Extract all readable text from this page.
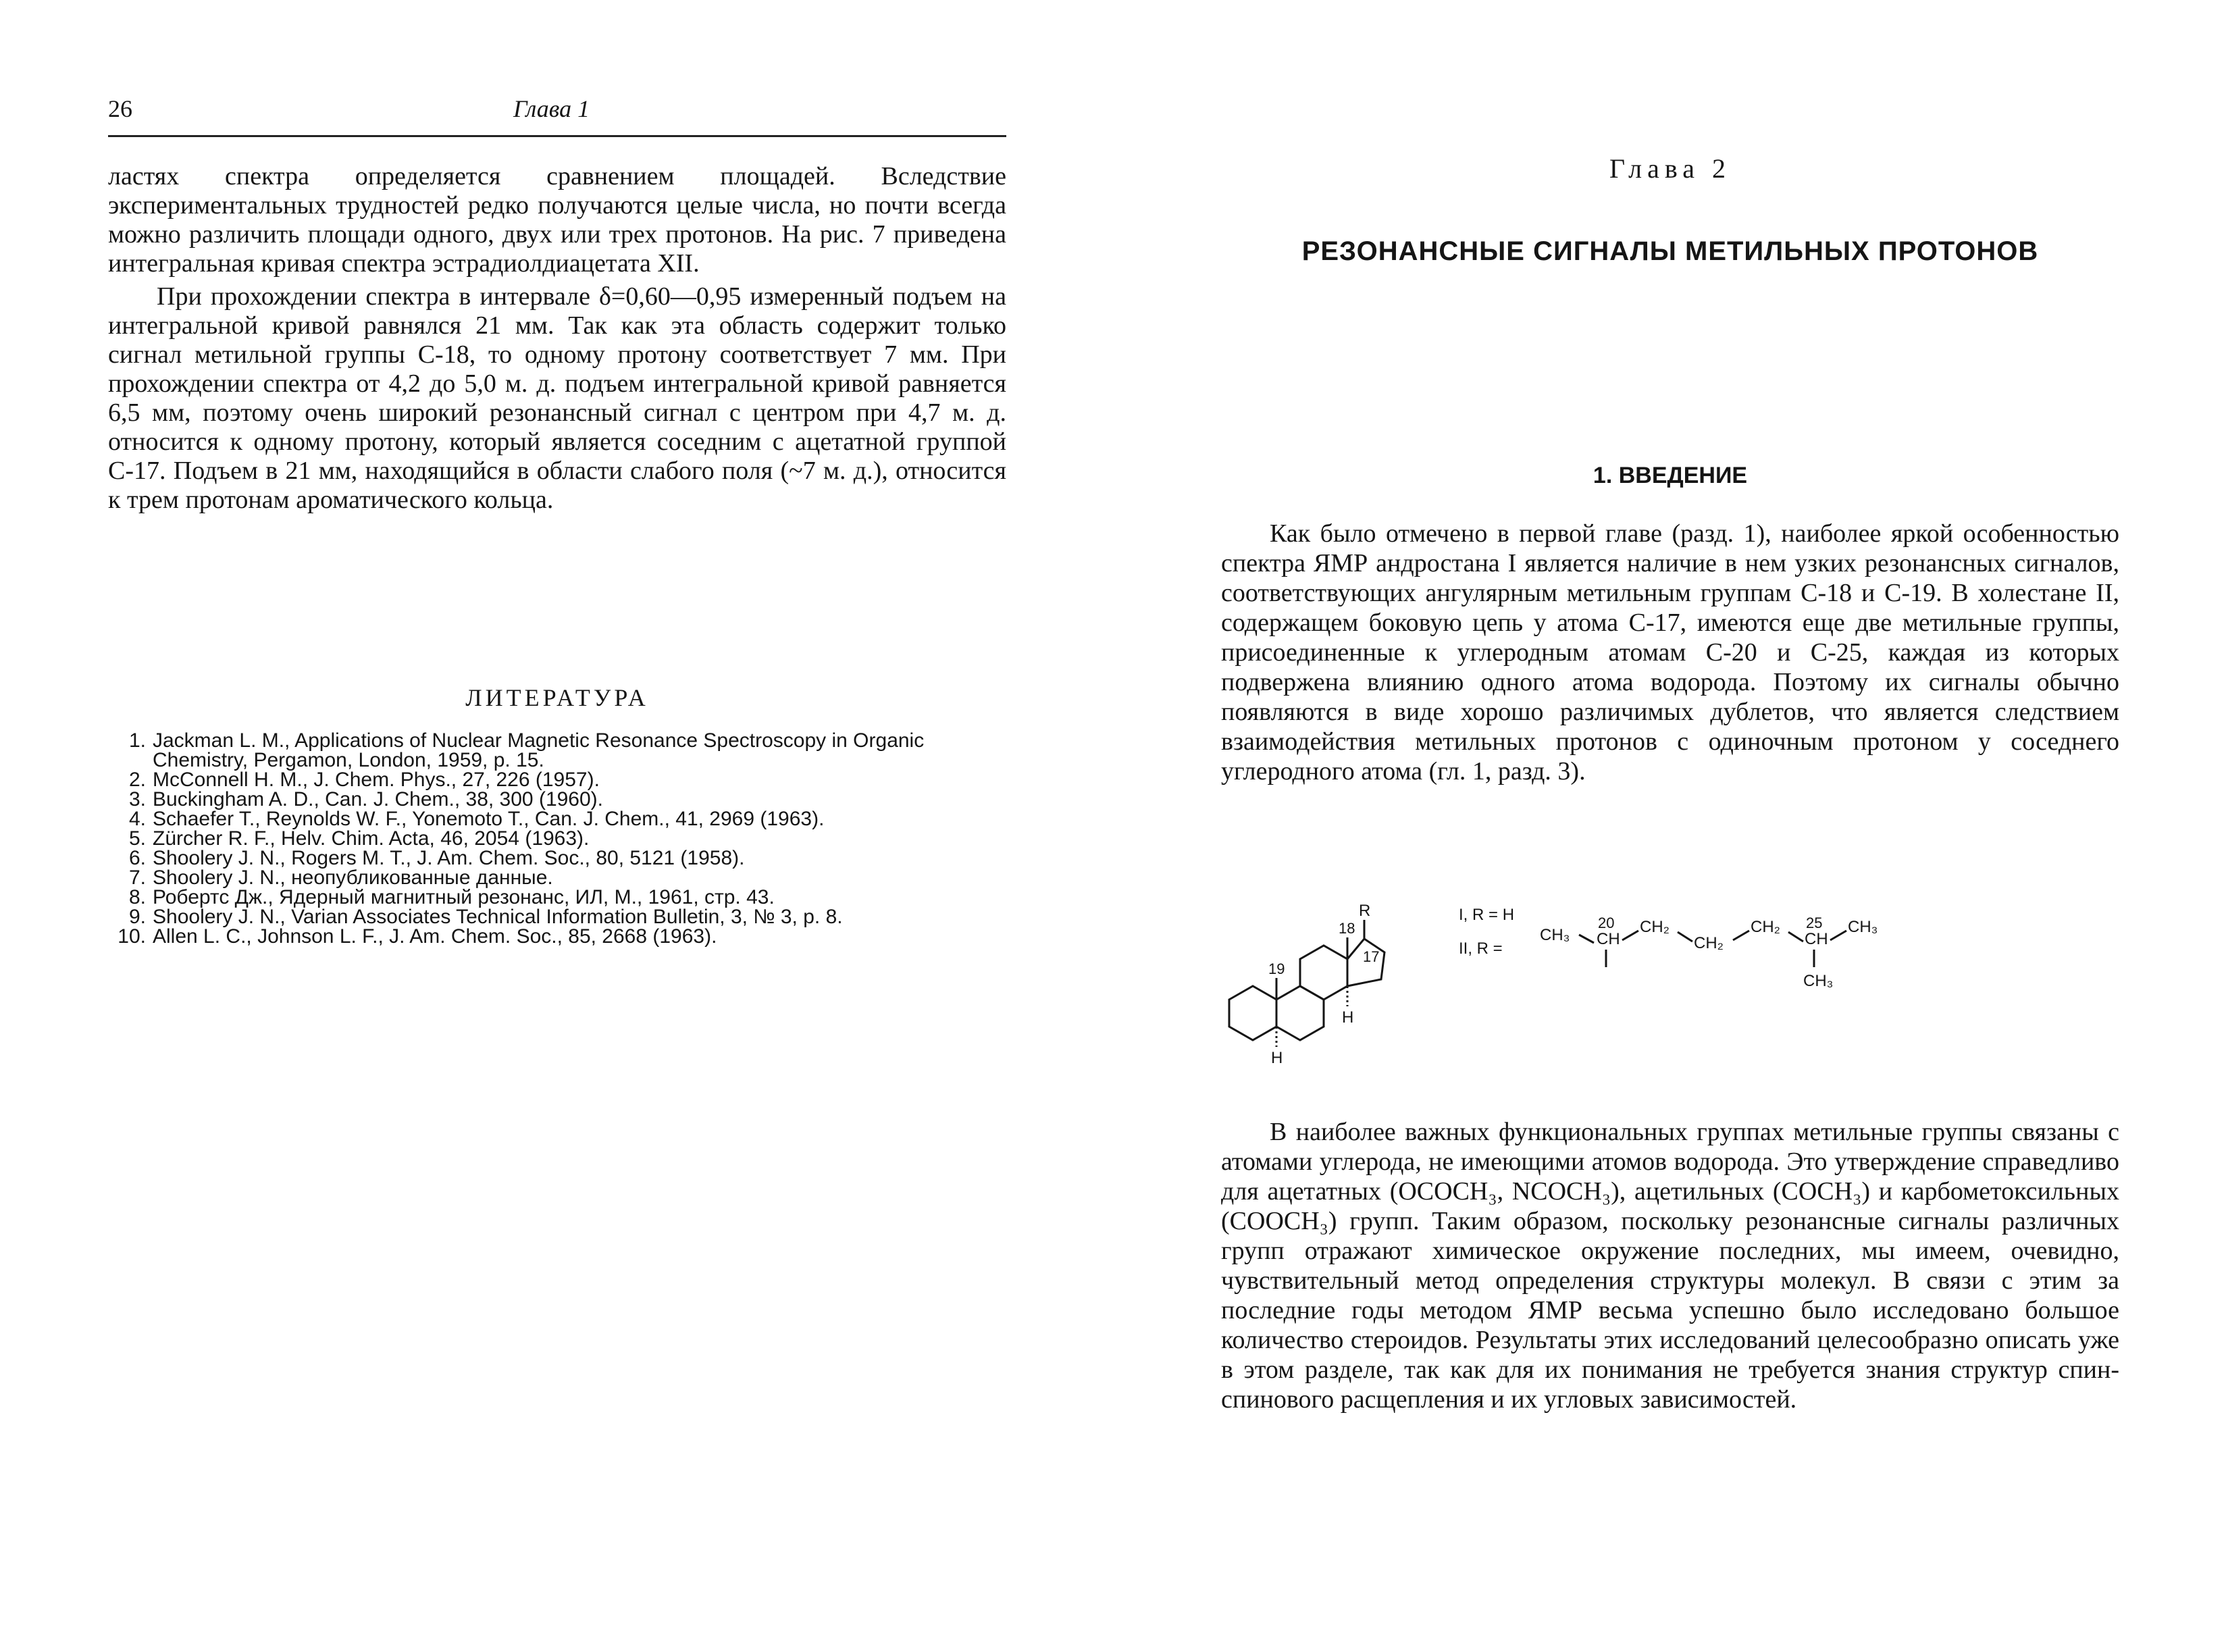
26	Глава 1

ластях спектра определяется сравнением площадей. Вследствие экспериментальных трудностей редко получаются целые числа, но почти всегда можно различить площади одного, двух или трех протонов. На рис. 7 приведена интегральная кривая спектра эстрадиолдиацетата XII.

При прохождении спектра в интервале δ=0,60—0,95 измеренный подъем на интегральной кривой равнялся 21 мм. Так как эта область содержит только сигнал метильной группы С-18, то одному протону соответствует 7 мм. При прохождении спектра от 4,2 до 5,0 м. д. подъем интегральной кривой равняется 6,5 мм, поэтому очень широкий резонансный сигнал с центром при 4,7 м. д. относится к одному протону, который является соседним с ацетатной группой С-17. Подъем в 21 мм, находящийся в области слабого поля (~7 м. д.), относится к трем протонам ароматического кольца.

ЛИТЕРАТУРА
1. Jackman L. M., Applications of Nuclear Magnetic Resonance Spectroscopy in Organic Chemistry, Pergamon, London, 1959, p. 15.
2. McConnell H. M., J. Chem. Phys., 27, 226 (1957).
3. Buckingham A. D., Can. J. Chem., 38, 300 (1960).
4. Schaefer T., Reynolds W. F., Yonemoto T., Can. J. Chem., 41, 2969 (1963).
5. Zürcher R. F., Helv. Chim. Acta, 46, 2054 (1963).
6. Shoolery J. N., Rogers M. T., J. Am. Chem. Soc., 80, 5121 (1958).
7. Shoolery J. N., неопубликованные данные.
8. Робертс Дж., Ядерный магнитный резонанс, ИЛ, М., 1961, стр. 43.
9. Shoolery J. N., Varian Associates Technical Information Bulletin, 3, № 3, p. 8.
10. Allen L. C., Johnson L. F., J. Am. Chem. Soc., 85, 2668 (1963).
Глава 2
РЕЗОНАНСНЫЕ СИГНАЛЫ МЕТИЛЬНЫХ ПРОТОНОВ
1. ВВЕДЕНИЕ

Как было отмечено в первой главе (разд. 1), наиболее яркой особенностью спектра ЯМР андростана I является наличие в нем узких резонансных сигналов, соответствующих ангулярным метильным группам С-18 и С-19. В холестане II, содержащем боковую цепь у атома С-17, имеются еще две метильные группы, присоединенные к углеродным атомам С-20 и С-25, каждая из которых подвержена влиянию одного атома водорода. Поэтому их сигналы обычно появляются в виде хорошо различимых дублетов, что является следствием взаимодействия метильных протонов с одиночным протоном у соседнего углеродного атома (гл. 1, разд. 3).

В наиболее важных функциональных группах метильные группы связаны с атомами углерода, не имеющими атомов водорода. Это утверждение справедливо для ацетатных (OCOCH₃, NCOCH₃), ацетильных (COCH₃) и карбометоксильных (COOCH₃) групп. Таким образом, поскольку резонансные сигналы различных групп отражают химическое окружение последних, мы имеем, очевидно, чувствительный метод определения структуры молекул. В связи с этим за последние годы методом ЯМР весьма успешно было исследовано большое количество стероидов. Результаты этих исследований целесообразно описать уже в этом разделе, так как для их понимания не требуется знания структур спин-спинового расщепления и их угловых зависимостей.

18
R
17
19
H
H
I, R = H
II, R =
CH₃
20
CH
CH₂
CH₂
CH₂ 25
CH
CH₃
CH₃
